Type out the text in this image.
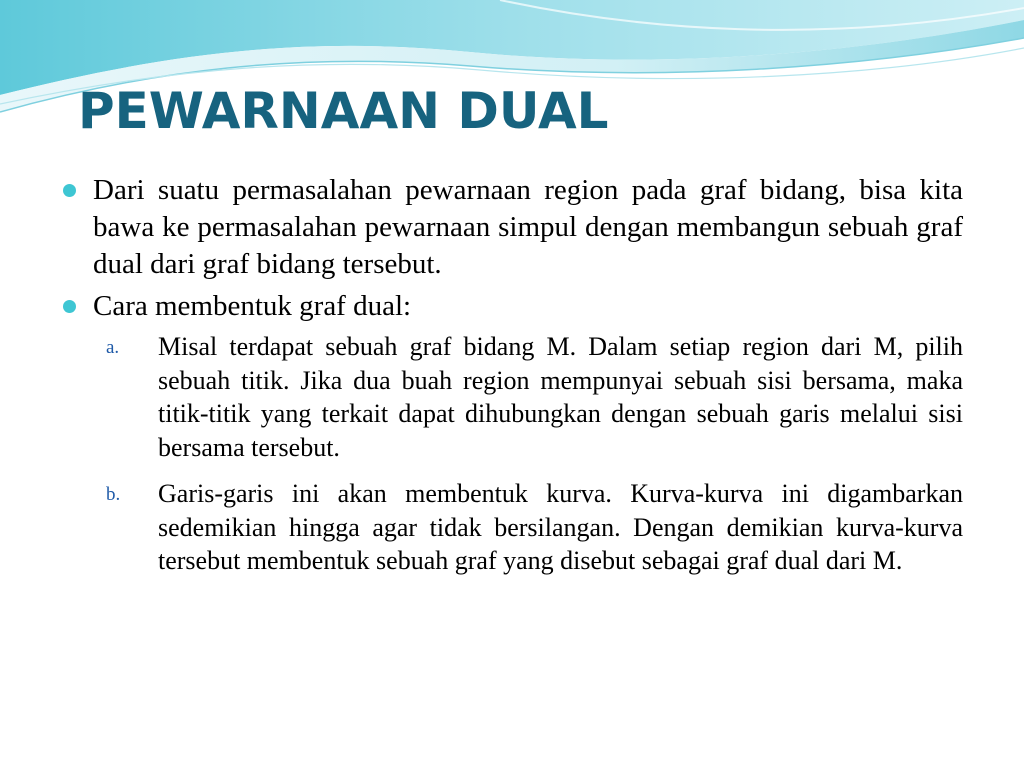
PEWARNAAN DUAL
Dari suatu permasalahan pewarnaan region pada graf bidang, bisa kita bawa ke permasalahan pewarnaan simpul dengan membangun sebuah graf dual dari graf bidang tersebut.
Cara membentuk graf dual:
a. Misal terdapat sebuah graf bidang M. Dalam setiap region dari M, pilih sebuah titik. Jika dua buah region mempunyai sebuah sisi bersama, maka titik-titik yang terkait dapat dihubungkan dengan sebuah garis melalui sisi bersama tersebut.
b. Garis-garis ini akan membentuk kurva. Kurva-kurva ini digambarkan sedemikian hingga agar tidak bersilangan. Dengan demikian kurva-kurva tersebut membentuk sebuah graf yang disebut sebagai graf dual dari M.
